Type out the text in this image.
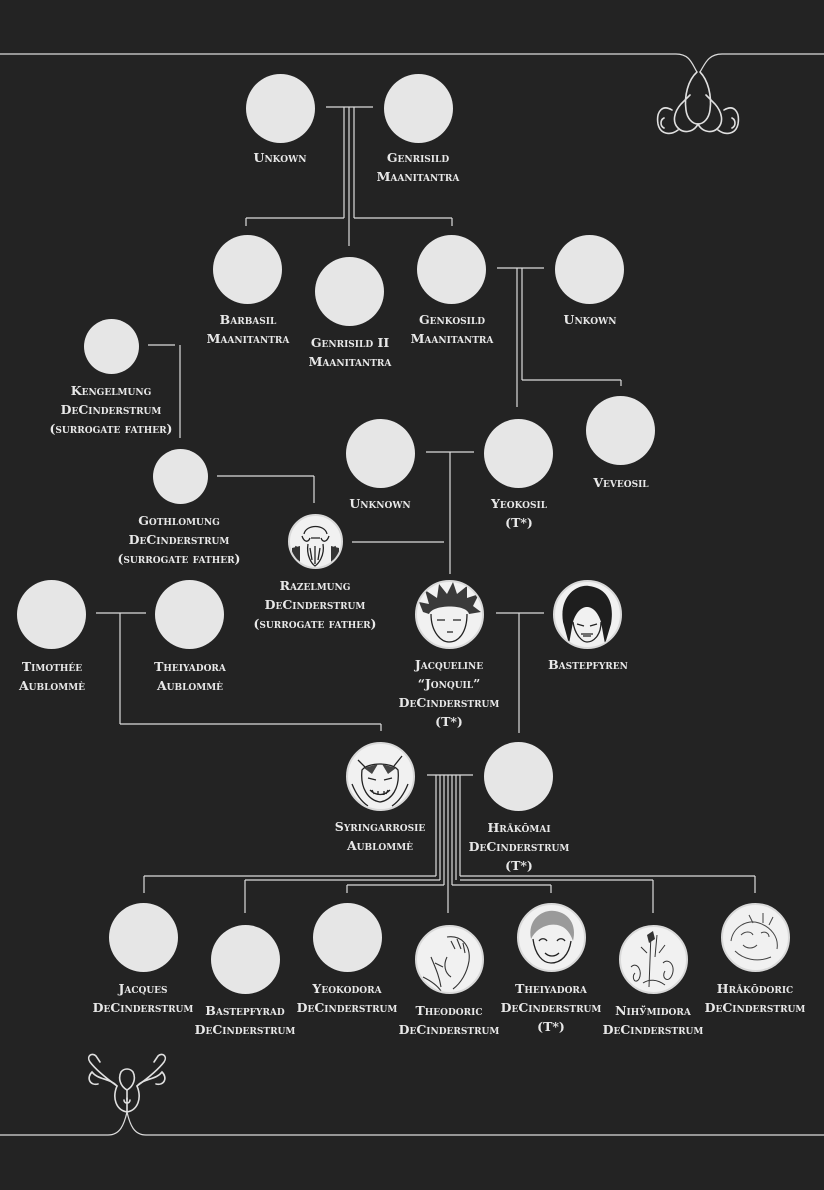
Unkown	Genrisild
Maanitantra
Barbasil
Maanitantra	Genrisild II
Maanitantra
Genkosild
Maanitantra
Unkown
Kengelmung
DeCinderstrum
(surrogate father)
Unknown	Yeokosil
(T*)
Veveosil
Gothlomung
DeCinderstrum
(surrogate father)
Razelmung
DeCinderstrum
(surrogate father)
Timothée
Aublommè
Theiyadora
Aublommè
Jacqueline
“Jonquil”
DeCinderstrum
(T*)
Bastepfyren
Syringarrosie
Aublommè
Hrākōmai
DeCinderstrum
(T*)
Jacques
DeCinderstrum Bastepfyrad
DeCinderstrum
Yeokodora
DeCinderstrum	Theodoric
DeCinderstrum
Theiyadora
DeCinderstrum
(T*)
Nihўmidora
DeCinderstrum
Hrākōdoric
DeCinderstrum
